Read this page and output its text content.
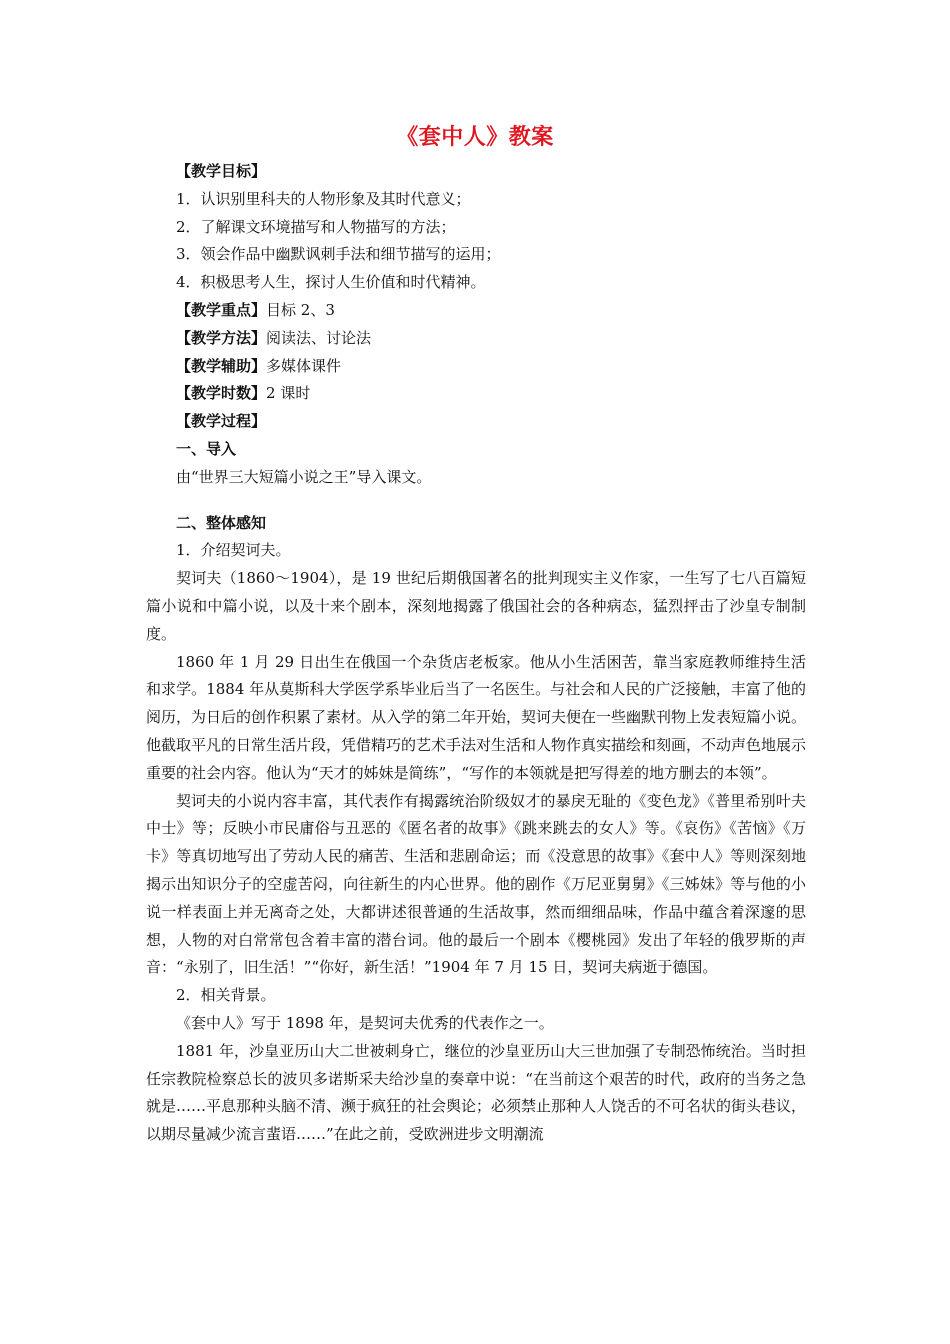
《套中人》教案
【教学目标】
1．认识别里科夫的人物形象及其时代意义；
2．了解课文环境描写和人物描写的方法；
3．领会作品中幽默讽刺手法和细节描写的运用；
4．积极思考人生，探讨人生价值和时代精神。
【教学重点】目标 2、3
【教学方法】阅读法、讨论法
【教学辅助】多媒体课件
【教学时数】2 课时
【教学过程】
一、导入
由“世界三大短篇小说之王”导入课文。
二、整体感知
1．介绍契诃夫。

契诃夫（1860～1904），是 19 世纪后期俄国著名的批判现实主义作家，一生写了七八百篇短篇小说和中篇小说，以及十来个剧本，深刻地揭露了俄国社会的各种病态，猛烈抨击了沙皇专制制度。

1860 年 1 月 29 日出生在俄国一个杂货店老板家。他从小生活困苦，靠当家庭教师维持生活和求学。1884 年从莫斯科大学医学系毕业后当了一名医生。与社会和人民的广泛接触，丰富了他的阅历，为日后的创作积累了素材。从入学的第二年开始，契诃夫便在一些幽默刊物上发表短篇小说。他截取平凡的日常生活片段，凭借精巧的艺术手法对生活和人物作真实描绘和刻画，不动声色地展示重要的社会内容。他认为“天才的姊妹是简练”，“写作的本领就是把写得差的地方删去的本领”。

契诃夫的小说内容丰富，其代表作有揭露统治阶级奴才的暴戾无耻的《变色龙》《普里希别叶夫中士》等；反映小市民庸俗与丑恶的《匿名者的故事》《跳来跳去的女人》等。《哀伤》《苦恼》《万卡》等真切地写出了劳动人民的痛苦、生活和悲剧命运；而《没意思的故事》《套中人》等则深刻地揭示出知识分子的空虚苦闷，向往新生的内心世界。他的剧作《万尼亚舅舅》《三姊妹》等与他的小说一样表面上并无离奇之处，大都讲述很普通的生活故事，然而细细品味，作品中蕴含着深邃的思想，人物的对白常常包含着丰富的潜台词。他的最后一个剧本《樱桃园》发出了年轻的俄罗斯的声音：“永别了，旧生活！”“你好，新生活！”1904 年 7 月 15 日，契诃夫病逝于德国。

2．相关背景。

《套中人》写于 1898 年，是契诃夫优秀的代表作之一。

1881 年，沙皇亚历山大二世被刺身亡，继位的沙皇亚历山大三世加强了专制恐怖统治。当时担任宗教院检察总长的波贝多诺斯采夫给沙皇的奏章中说：“在当前这个艰苦的时代，政府的当务之急就是……平息那种头脑不清、濒于疯狂的社会舆论；必须禁止那种人人饶舌的不可名状的街头巷议，以期尽量减少流言蜚语……”在此之前，受欧洲进步文明潮流
